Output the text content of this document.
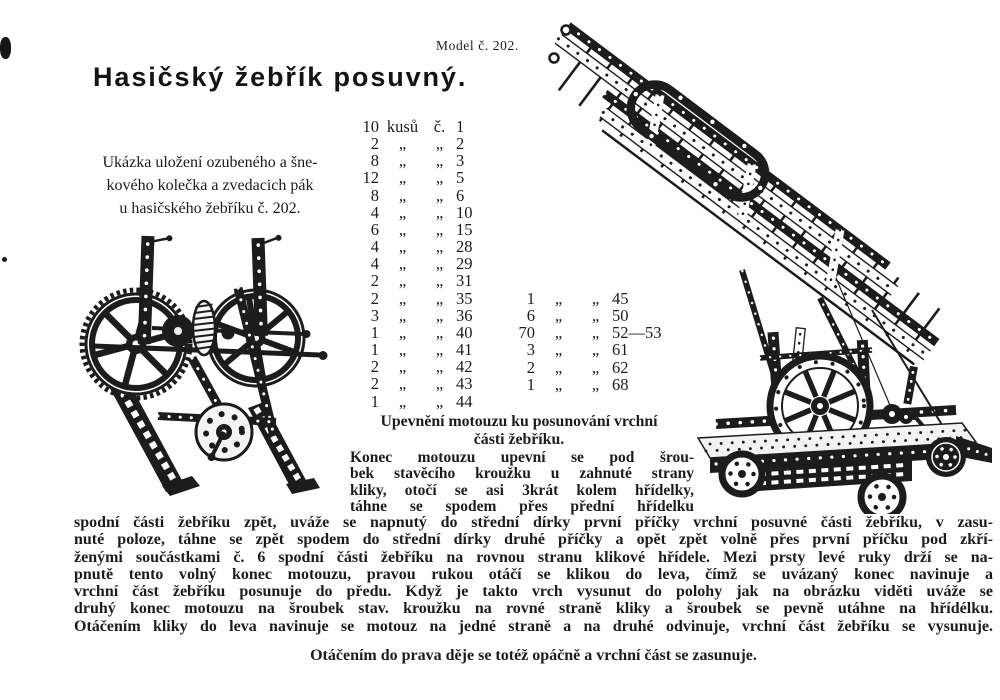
Model č. 202.
Hasičský žebřík posuvný.
Ukázka uložení ozubeného a šne-
kového kolečka a zvedacich pák
u hasičského žebříku č. 202.
10 kusů č. 1
2	„	„ 2
8	„	„ 3
12	„	„ 5
8	„	„ 6
4	„	„ 10
6	„	„ 15
4	„	„ 28
4	„	„ 29
2	„	„ 31
2	„	„ 35
3	„	„ 36
1	„	„ 40
1	„	„ 41
2	„	„ 42
2	„	„ 43
1	„	„ 44
1	„	„ 45
6	„	„ 50
70	„	„ 52—53
3	„	„ 61
2	„	„ 62
1	„	„ 68
Upevnění motouzu ku posunování vrchní
části žebříku.
Konec motouzu upevní se pod šrou-
bek stavěcího kroužku u zahnuté strany
kliky, otočí se asi 3krát kolem hřídelky,
táhne se spodem přes přední hřídelku
spodní části žebříku zpět, uváže se napnutý do střední dírky první příčky vrchní posuvné části žebříku, v zasu-
nuté poloze, táhne se zpět spodem do střední dírky druhé příčky a opět zpět volně přes první příčku pod zkří-
ženými součástkami č. 6 spodní části žebříku na rovnou stranu klikové hřídele. Mezi prsty levé ruky drží se na-
pnutě tento volný konec motouzu, pravou rukou otáčí se klikou do leva, čímž se uvázaný konec navinuje a
vrchní část žebříku posunuje do předu. Když je takto vrch vysunut do polohy jak na obrázku viděti uváže se
druhý konec motouzu na šroubek stav. kroužku na rovné straně kliky a šroubek se pevně utáhne na hřídélku.
Otáčením kliky do leva navinuje se motouz na jedné straně a na druhé odvinuje, vrchní část žebříku se vysunuje.
Otáčením do prava děje se totéž opáčně a vrchní část se zasunuje.
